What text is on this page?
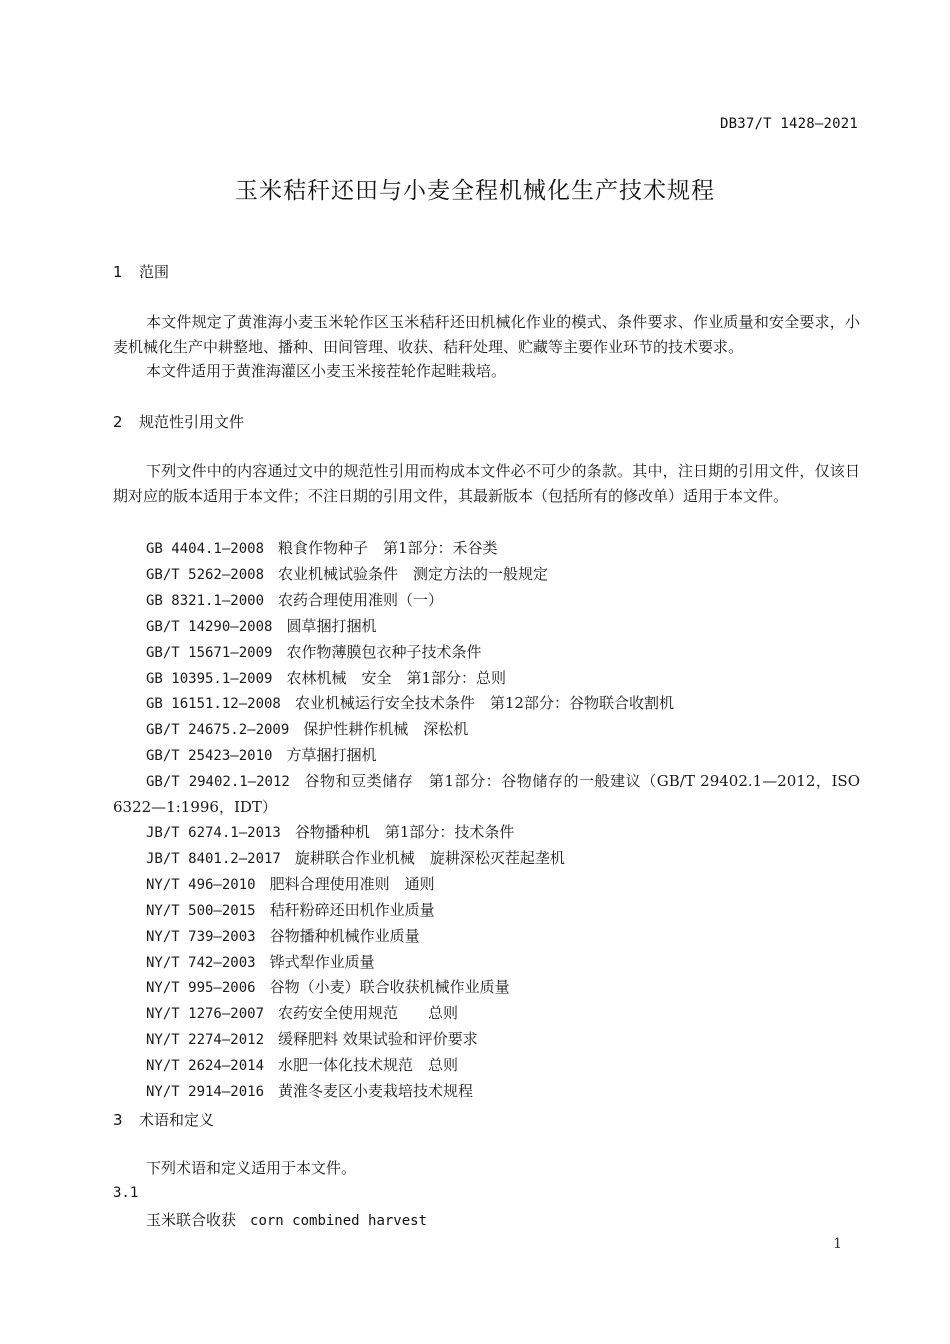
DB37/T 1428—2021
玉米秸秆还田与小麦全程机械化生产技术规程
1 范围

本文件规定了黄淮海小麦玉米轮作区玉米秸秆还田机械化作业的模式、条件要求、作业质量和安全要求，小麦机械化生产中耕整地、播种、田间管理、收获、秸秆处理、贮藏等主要作业环节的技术要求。

本文件适用于黄淮海灌区小麦玉米接茬轮作起畦栽培。

2 规范性引用文件

下列文件中的内容通过文中的规范性引用而构成本文件必不可少的条款。其中，注日期的引用文件，仅该日期对应的版本适用于本文件；不注日期的引用文件，其最新版本（包括所有的修改单）适用于本文件。

GB 4404.1—2008 粮食作物种子　第1部分：禾谷类
GB/T 5262—2008 农业机械试验条件　测定方法的一般规定
GB 8321.1—2000 农药合理使用准则（一）
GB/T 14290—2008 圆草捆打捆机
GB/T 15671—2009 农作物薄膜包衣种子技术条件
GB 10395.1—2009 农林机械　安全　第1部分：总则
GB 16151.12—2008 农业机械运行安全技术条件　第12部分：谷物联合收割机
GB/T 24675.2—2009 保护性耕作机械　深松机
GB/T 25423—2010 方草捆打捆机
GB/T 29402.1—2012 谷物和豆类储存　第1部分：谷物储存的一般建议（GB/T 29402.1—2012，ISO 6322—1:1996，IDT）
JB/T 6274.1—2013 谷物播种机　第1部分：技术条件
JB/T 8401.2—2017 旋耕联合作业机械　旋耕深松灭茬起垄机
NY/T 496—2010 肥料合理使用准则　通则
NY/T 500—2015 秸秆粉碎还田机作业质量
NY/T 739—2003 谷物播种机械作业质量
NY/T 742—2003 铧式犁作业质量
NY/T 995—2006 谷物（小麦）联合收获机械作业质量
NY/T 1276—2007 农药安全使用规范　　总则
NY/T 2274—2012 缓释肥料 效果试验和评价要求
NY/T 2624—2014 水肥一体化技术规范　总则
NY/T 2914—2016 黄淮冬麦区小麦栽培技术规程
3 术语和定义

下列术语和定义适用于本文件。

3.1
玉米联合收获 corn combined harvest
1
